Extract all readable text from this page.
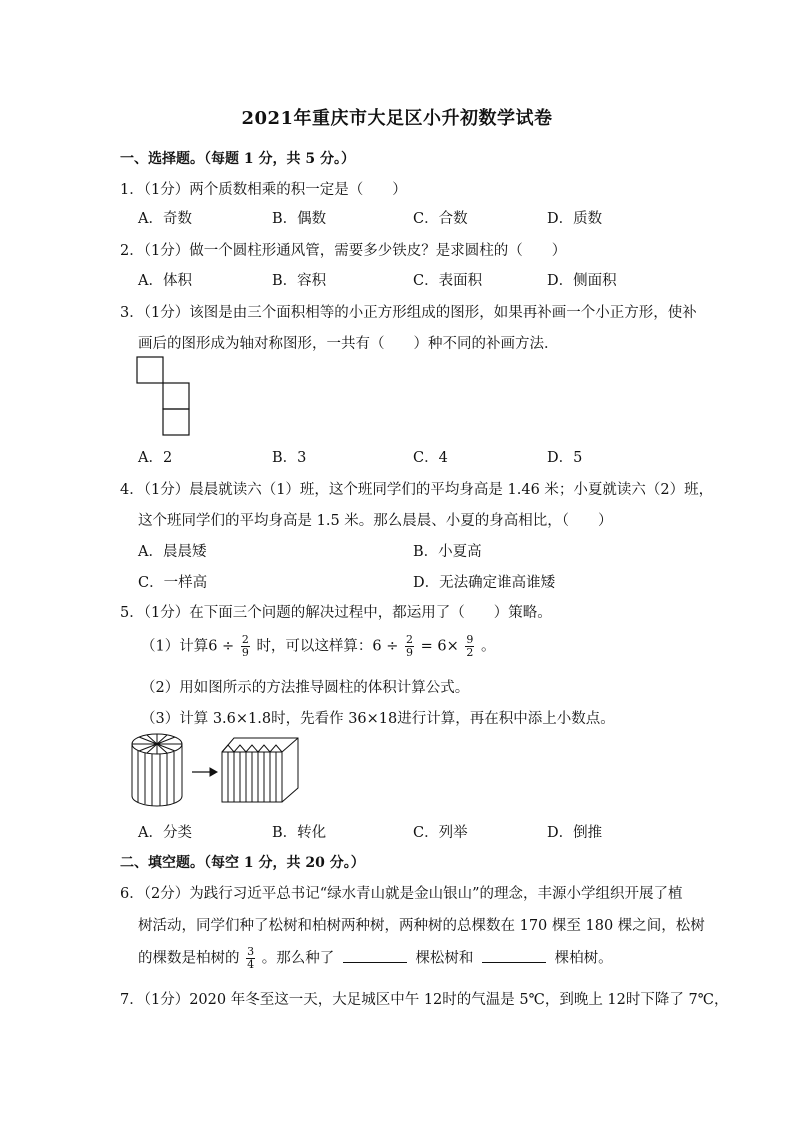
2021年重庆市大足区小升初数学试卷
一、选择题。（每题 1 分，共 5 分。）
1．（1分）两个质数相乘的积一定是（　　）
A．奇数	B．偶数	C．合数	D．质数
2．（1分）做一个圆柱形通风管，需要多少铁皮？是求圆柱的（　　）
A．体积	B．容积	C．表面积	D．侧面积
3．（1分）该图是由三个面积相等的小正方形组成的图形，如果再补画一个小正方形，使补
画后的图形成为轴对称图形，一共有（　　）种不同的补画方法．
A．2	B．3	C．4	D．5
4．（1分）晨晨就读六（1）班，这个班同学们的平均身高是 1.46 米；小夏就读六（2）班，
这个班同学们的平均身高是 1.5 米。那么晨晨、小夏的身高相比，（　　）
A．晨晨矮	B．小夏高
C．一样高	D．无法确定谁高谁矮
5．（1分）在下面三个问题的解决过程中，都运用了（　　）策略。
（1）计算$6 \div \frac{2}{9}$ 时，可以这样算：$6 \div \frac{2}{9} = 6\times \frac{9}{2}$ 。
（2）用如图所示的方法推导圆柱的体积计算公式。
（3）计算 3.6×1.8时，先看作 36×18进行计算，再在积中添上小数点。
A．分类	B．转化	C．列举	D．倒推
二、填空题。（每空 1 分，共 20 分。）
6．（2分）为践行习近平总书记“绿水青山就是金山银山”的理念，丰源小学组织开展了植
树活动，同学们种了松树和柏树两种树，两种树的总棵数在 170 棵至 180 棵之间，松树
的棵数是柏树的 $\frac{3}{4}$ 。那么种了	棵松树和	棵柏树。
7．（1分）2020 年冬至这一天，大足城区中午 12时的气温是 5℃，到晚上 12时下降了 7℃，
